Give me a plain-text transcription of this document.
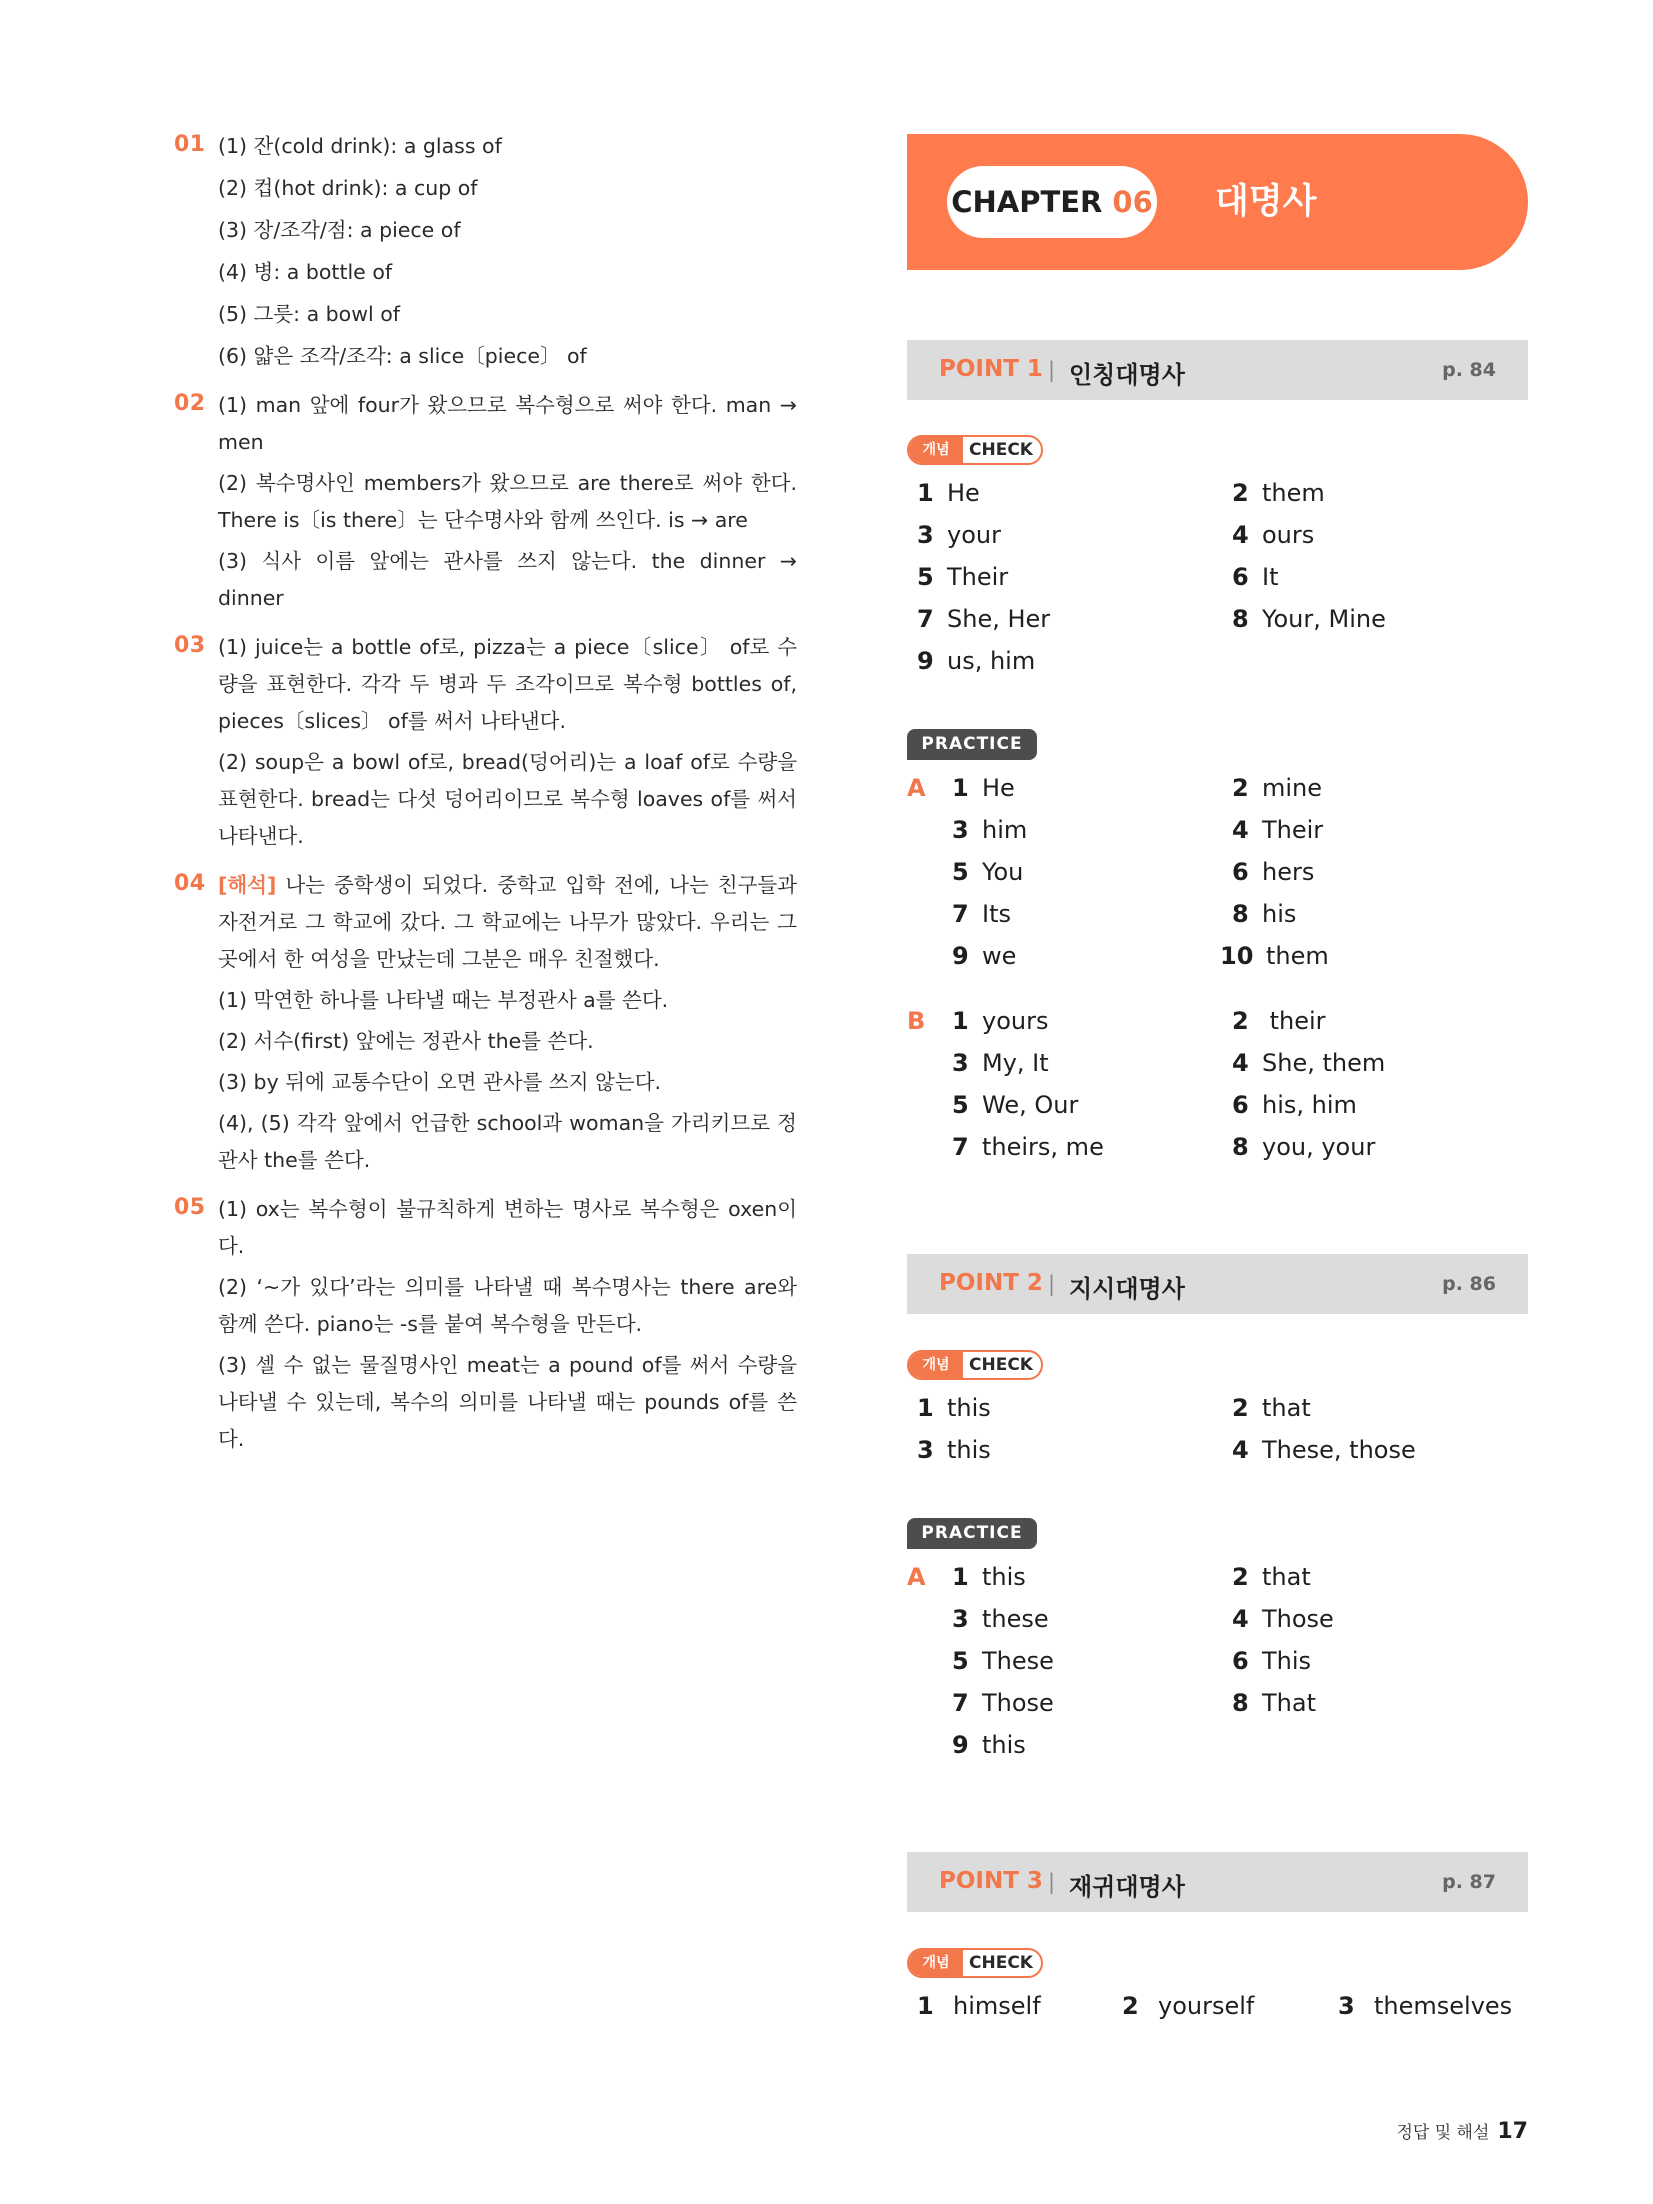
01 (1) 잔(cold drink): a glass of
(2) 컵(hot drink): a cup of
(3) 장/조각/점: a piece of
(4) 병: a bottle of
(5) 그릇: a bowl of
(6) 얇은 조각/조각: a slice〔piece〕 of
02 (1) man 앞에 four가 왔으므로 복수형으로 써야 한다. man → men
(2) 복수명사인 members가 왔으므로 are there로 써야 한다. There is〔is there〕는 단수명사와 함께 쓰인다. is → are
(3) 식사 이름 앞에는 관사를 쓰지 않는다. the dinner → dinner
03 (1) juice는 a bottle of로, pizza는 a piece〔slice〕 of로 수량을 표현한다. 각각 두 병과 두 조각이므로 복수형 bottles of, pieces〔slices〕 of를 써서 나타낸다.
(2) soup은 a bowl of로, bread(덩어리)는 a loaf of로 수량을 표현한다. bread는 다섯 덩어리이므로 복수형 loaves of를 써서 나타낸다.
04 [해석] 나는 중학생이 되었다. 중학교 입학 전에, 나는 친구들과 자전거로 그 학교에 갔다. 그 학교에는 나무가 많았다. 우리는 그곳에서 한 여성을 만났는데 그분은 매우 친절했다.
(1) 막연한 하나를 나타낼 때는 부정관사 a를 쓴다.
(2) 서수(first) 앞에는 정관사 the를 쓴다.
(3) by 뒤에 교통수단이 오면 관사를 쓰지 않는다.
(4), (5) 각각 앞에서 언급한 school과 woman을 가리키므로 정관사 the를 쓴다.
05 (1) ox는 복수형이 불규칙하게 변하는 명사로 복수형은 oxen이다.
(2) ‘~가 있다’라는 의미를 나타낼 때 복수명사는 there are와 함께 쓴다. piano는 -s를 붙여 복수형을 만든다.
(3) 셀 수 없는 물질명사인 meat는 a pound of를 써서 수량을 나타낼 수 있는데, 복수의 의미를 나타낼 때는 pounds of를 쓴다.
CHAPTER 06 대명사
POINT 1 | 인칭대명사	p. 84
개념	CHECK
1 He	2 them
3 your	4 ours
5 Their	6 It
7 She, Her	8 Your, Mine
9 us, him
PRACTICE
A 1 He	2 mine
3 him	4 Their
5 You	6 hers
7 Its	8 his
9 we	10 them
B 1 yours	2 their
3 My, It	4 She, them
5 We, Our	6 his, him
7 theirs, me	8 you, your
POINT 2 | 지시대명사	p. 86
개념	CHECK
1 this	2 that
3 this	4 These, those
PRACTICE
A 1 this	2 that
3 these	4 Those
5 These	6 This
7 Those	8 That
9 this
POINT 3 | 재귀대명사	p. 87
개념	CHECK
1 himself	2 yourself	3 themselves
정답 및 해설 17
